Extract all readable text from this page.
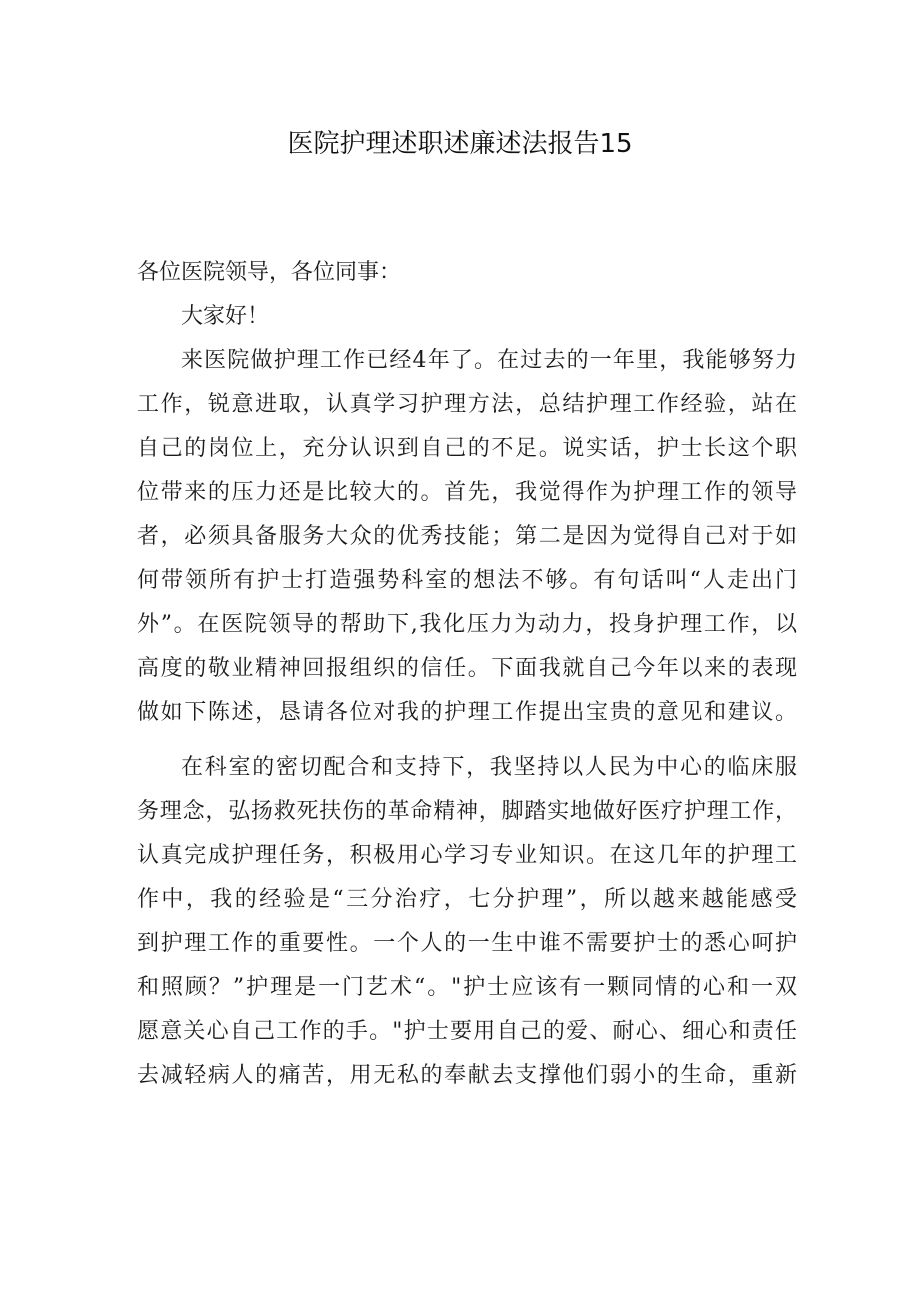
医院护理述职述廉述法报告15
各位医院领导，各位同事：
大家好！
来医院做护理工作已经4年了。在过去的一年里，我能够努力
工作，锐意进取，认真学习护理方法，总结护理工作经验，站在
自己的岗位上，充分认识到自己的不足。说实话，护士长这个职
位带来的压力还是比较大的。首先，我觉得作为护理工作的领导
者，必须具备服务大众的优秀技能；第二是因为觉得自己对于如
何带领所有护士打造强势科室的想法不够。有句话叫“人走出门
外”。在医院领导的帮助下,我化压力为动力，投身护理工作，以
高度的敬业精神回报组织的信任。下面我就自己今年以来的表现
做如下陈述，恳请各位对我的护理工作提出宝贵的意见和建议。
在科室的密切配合和支持下，我坚持以人民为中心的临床服
务理念，弘扬救死扶伤的革命精神，脚踏实地做好医疗护理工作，
认真完成护理任务，积极用心学习专业知识。在这几年的护理工
作中，我的经验是“三分治疗，七分护理”，所以越来越能感受
到护理工作的重要性。一个人的一生中谁不需要护士的悉心呵护
和照顾？”护理是一门艺术“。"护士应该有一颗同情的心和一双
愿意关心自己工作的手。"护士要用自己的爱、耐心、细心和责任
去减轻病人的痛苦，用无私的奉献去支撑他们弱小的生命，重新
